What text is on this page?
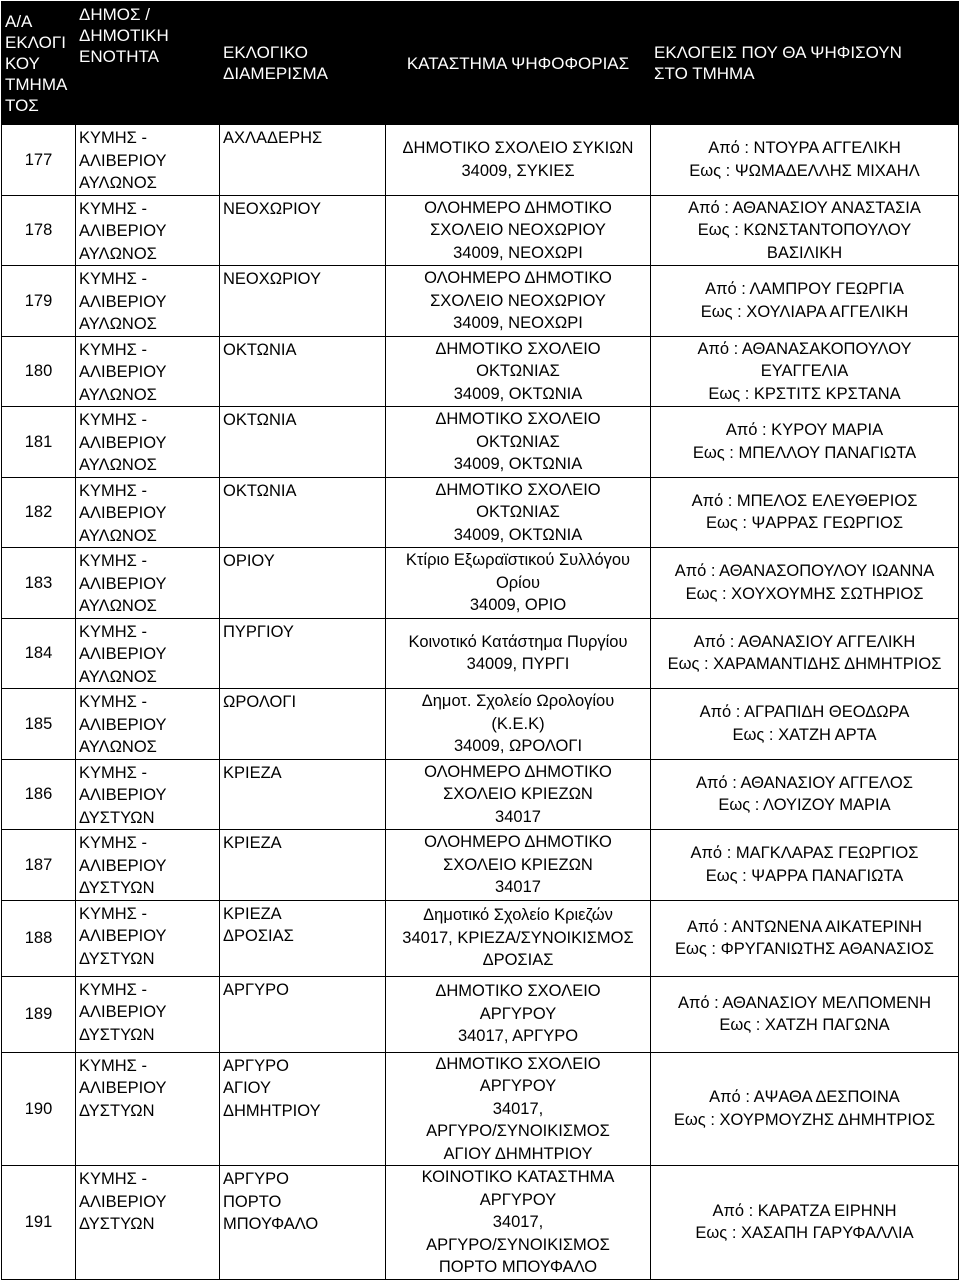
Α/Α
ΕΚΛΟΓΙ
ΚΟΥ
ΤΜΗΜΑ
ΤΟΣ	ΔΗΜΟΣ /
ΔΗΜΟΤΙΚΗ
ΕΝΟΤΗΤΑ	ΕΚΛΟΓΙΚΟ
ΔΙΑΜΕΡΙΣΜΑ	ΚΑΤΑΣΤΗΜΑ ΨΗΦΟΦΟΡΙΑΣ	ΕΚΛΟΓΕΙΣ ΠΟΥ ΘΑ ΨΗΦΙΣΟΥΝ
ΣΤΟ ΤΜΗΜΑ

177	ΚΥΜΗΣ -
ΑΛΙΒΕΡΙΟΥ
ΑΥΛΩΝΟΣ	ΑΧΛΑΔΕΡΗΣ	ΔΗΜΟΤΙΚΟ ΣΧΟΛΕΙΟ ΣΥΚΙΩΝ
34009, ΣΥΚΙΕΣ	Από : ΝΤΟΥΡΑ ΑΓΓΕΛΙΚΗ
Εως : ΨΩΜΑΔΕΛΛΗΣ ΜΙΧΑΗΛ

178	ΚΥΜΗΣ -
ΑΛΙΒΕΡΙΟΥ
ΑΥΛΩΝΟΣ	ΝΕΟΧΩΡΙΟΥ	ΟΛΟΗΜΕΡΟ ΔΗΜΟΤΙΚΟ
ΣΧΟΛΕΙΟ ΝΕΟΧΩΡΙΟΥ
34009, ΝΕΟΧΩΡΙ	Από : ΑΘΑΝΑΣΙΟΥ ΑΝΑΣΤΑΣΙΑ
Εως : ΚΩΝΣΤΑΝΤΟΠΟΥΛΟΥ
ΒΑΣΙΛΙΚΗ

179	ΚΥΜΗΣ -
ΑΛΙΒΕΡΙΟΥ
ΑΥΛΩΝΟΣ	ΝΕΟΧΩΡΙΟΥ	ΟΛΟΗΜΕΡΟ ΔΗΜΟΤΙΚΟ
ΣΧΟΛΕΙΟ ΝΕΟΧΩΡΙΟΥ
34009, ΝΕΟΧΩΡΙ	Από : ΛΑΜΠΡΟΥ ΓΕΩΡΓΙΑ
Εως : ΧΟΥΛΙΑΡΑ ΑΓΓΕΛΙΚΗ

180	ΚΥΜΗΣ -
ΑΛΙΒΕΡΙΟΥ
ΑΥΛΩΝΟΣ	ΟΚΤΩΝΙΑ	ΔΗΜΟΤΙΚΟ ΣΧΟΛΕΙΟ
ΟΚΤΩΝΙΑΣ
34009, ΟΚΤΩΝΙΑ	Από : ΑΘΑΝΑΣΑΚΟΠΟΥΛΟΥ
ΕΥΑΓΓΕΛΙΑ
Εως : ΚΡΣΤΙΤΣ ΚΡΣΤΑΝΑ

181	ΚΥΜΗΣ -
ΑΛΙΒΕΡΙΟΥ
ΑΥΛΩΝΟΣ	ΟΚΤΩΝΙΑ	ΔΗΜΟΤΙΚΟ ΣΧΟΛΕΙΟ
ΟΚΤΩΝΙΑΣ
34009, ΟΚΤΩΝΙΑ	Από : ΚΥΡΟΥ ΜΑΡΙΑ
Εως : ΜΠΕΛΛΟΥ ΠΑΝΑΓΙΩΤΑ

182	ΚΥΜΗΣ -
ΑΛΙΒΕΡΙΟΥ
ΑΥΛΩΝΟΣ	ΟΚΤΩΝΙΑ	ΔΗΜΟΤΙΚΟ ΣΧΟΛΕΙΟ
ΟΚΤΩΝΙΑΣ
34009, ΟΚΤΩΝΙΑ	Από : ΜΠΕΛΟΣ ΕΛΕΥΘΕΡΙΟΣ
Εως : ΨΑΡΡΑΣ ΓΕΩΡΓΙΟΣ

183	ΚΥΜΗΣ -
ΑΛΙΒΕΡΙΟΥ
ΑΥΛΩΝΟΣ	ΟΡΙΟΥ	Κτίριο Εξωραϊστικού Συλλόγου
Ορίου
34009, ΟΡΙΟ	Από : ΑΘΑΝΑΣΟΠΟΥΛΟΥ ΙΩΑΝΝΑ
Εως : ΧΟΥΧΟΥΜΗΣ ΣΩΤΗΡΙΟΣ

184	ΚΥΜΗΣ -
ΑΛΙΒΕΡΙΟΥ
ΑΥΛΩΝΟΣ	ΠΥΡΓΙΟΥ	Κοινοτικό Κατάστημα Πυργίου
34009, ΠΥΡΓΙ	Από : ΑΘΑΝΑΣΙΟΥ ΑΓΓΕΛΙΚΗ
Εως : ΧΑΡΑΜΑΝΤΙΔΗΣ ΔΗΜΗΤΡΙΟΣ

185	ΚΥΜΗΣ -
ΑΛΙΒΕΡΙΟΥ
ΑΥΛΩΝΟΣ	ΩΡΟΛΟΓΙ	Δημοτ. Σχολείο Ωρολογίου
(Κ.Ε.Κ)
34009, ΩΡΟΛΟΓΙ	Από : ΑΓΡΑΠΙΔΗ ΘΕΟΔΩΡΑ
Εως : ΧΑΤΖΗ ΑΡΤΑ

186	ΚΥΜΗΣ -
ΑΛΙΒΕΡΙΟΥ
ΔΥΣΤΥΩΝ	ΚΡΙΕΖΑ	ΟΛΟΗΜΕΡΟ ΔΗΜΟΤΙΚΟ
ΣΧΟΛΕΙΟ ΚΡΙΕΖΩΝ
34017	Από : ΑΘΑΝΑΣΙΟΥ ΑΓΓΕΛΟΣ
Εως : ΛΟΥΙΖΟΥ ΜΑΡΙΑ

187	ΚΥΜΗΣ -
ΑΛΙΒΕΡΙΟΥ
ΔΥΣΤΥΩΝ	ΚΡΙΕΖΑ	ΟΛΟΗΜΕΡΟ ΔΗΜΟΤΙΚΟ
ΣΧΟΛΕΙΟ ΚΡΙΕΖΩΝ
34017	Από : ΜΑΓΚΛΑΡΑΣ ΓΕΩΡΓΙΟΣ
Εως : ΨΑΡΡΑ ΠΑΝΑΓΙΩΤΑ

188	ΚΥΜΗΣ -
ΑΛΙΒΕΡΙΟΥ
ΔΥΣΤΥΩΝ	ΚΡΙΕΖΑ
ΔΡΟΣΙΑΣ	Δημοτικό Σχολείο Κριεζών
34017, ΚΡΙΕΖΑ/ΣΥΝΟΙΚΙΣΜΟΣ
ΔΡΟΣΙΑΣ	Από : ΑΝΤΩΝΕΝΑ ΑΙΚΑΤΕΡΙΝΗ
Εως : ΦΡΥΓΑΝΙΩΤΗΣ ΑΘΑΝΑΣΙΟΣ

189	ΚΥΜΗΣ -
ΑΛΙΒΕΡΙΟΥ
ΔΥΣΤΥΩΝ	ΑΡΓΥΡΟ	ΔΗΜΟΤΙΚΟ ΣΧΟΛΕΙΟ
ΑΡΓΥΡΟΥ
34017, ΑΡΓΥΡΟ	Από : ΑΘΑΝΑΣΙΟΥ ΜΕΛΠΟΜΕΝΗ
Εως : ΧΑΤΖΗ ΠΑΓΩΝΑ

190	ΚΥΜΗΣ -
ΑΛΙΒΕΡΙΟΥ
ΔΥΣΤΥΩΝ	ΑΡΓΥΡΟ
ΑΓΙΟΥ
ΔΗΜΗΤΡΙΟΥ	ΔΗΜΟΤΙΚΟ ΣΧΟΛΕΙΟ
ΑΡΓΥΡΟΥ
34017,
ΑΡΓΥΡΟ/ΣΥΝΟΙΚΙΣΜΟΣ
ΑΓΙΟΥ ΔΗΜΗΤΡΙΟΥ	Από : ΑΨΑΘΑ ΔΕΣΠΟΙΝΑ
Εως : ΧΟΥΡΜΟΥΖΗΣ ΔΗΜΗΤΡΙΟΣ

191	ΚΥΜΗΣ -
ΑΛΙΒΕΡΙΟΥ
ΔΥΣΤΥΩΝ	ΑΡΓΥΡΟ
ΠΟΡΤΟ
ΜΠΟΥΦΑΛΟ	ΚΟΙΝΟΤΙΚΟ ΚΑΤΑΣΤΗΜΑ
ΑΡΓΥΡΟΥ
34017,
ΑΡΓΥΡΟ/ΣΥΝΟΙΚΙΣΜΟΣ
ΠΟΡΤΟ ΜΠΟΥΦΑΛΟ	Από : ΚΑΡΑΤΖΑ ΕΙΡΗΝΗ
Εως : ΧΑΣΑΠΗ ΓΑΡΥΦΑΛΛΙΑ
